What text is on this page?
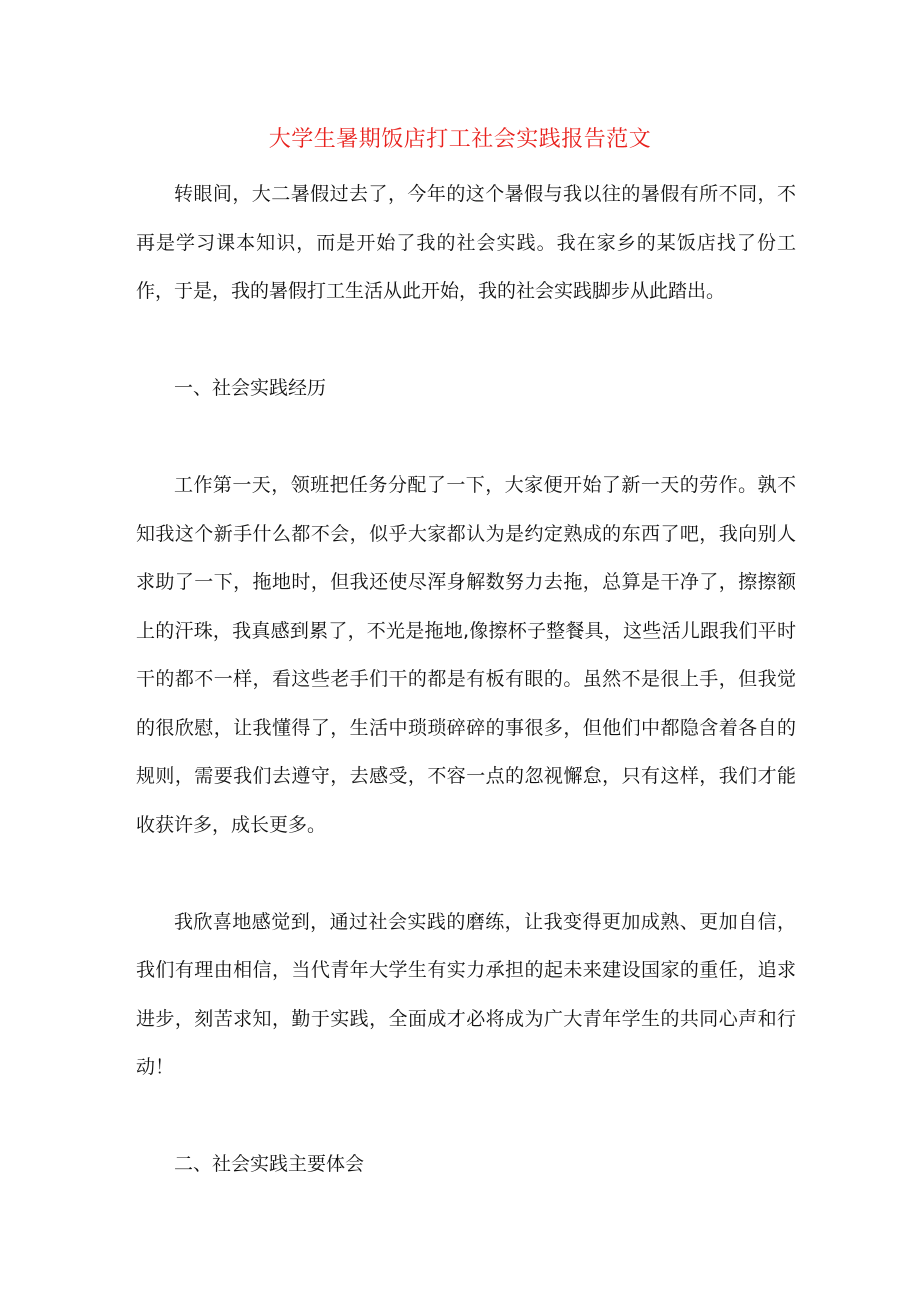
大学生暑期饭店打工社会实践报告范文

转眼间，大二暑假过去了，今年的这个暑假与我以往的暑假有所不同，不再是学习课本知识，而是开始了我的社会实践。我在家乡的某饭店找了份工作，于是，我的暑假打工生活从此开始，我的社会实践脚步从此踏出。

一、社会实践经历

工作第一天，领班把任务分配了一下，大家便开始了新一天的劳作。孰不知我这个新手什么都不会，似乎大家都认为是约定熟成的东西了吧，我向别人求助了一下，拖地时，但我还使尽浑身解数努力去拖，总算是干净了，擦擦额上的汗珠，我真感到累了，不光是拖地,像擦杯子整餐具，这些活儿跟我们平时干的都不一样，看这些老手们干的都是有板有眼的。虽然不是很上手，但我觉的很欣慰，让我懂得了，生活中琐琐碎碎的事很多，但他们中都隐含着各自的规则，需要我们去遵守，去感受，不容一点的忽视懈怠，只有这样，我们才能收获许多，成长更多。

我欣喜地感觉到，通过社会实践的磨练，让我变得更加成熟、更加自信，我们有理由相信，当代青年大学生有实力承担的起未来建设国家的重任，追求进步，刻苦求知，勤于实践，全面成才必将成为广大青年学生的共同心声和行动！

二、社会实践主要体会
